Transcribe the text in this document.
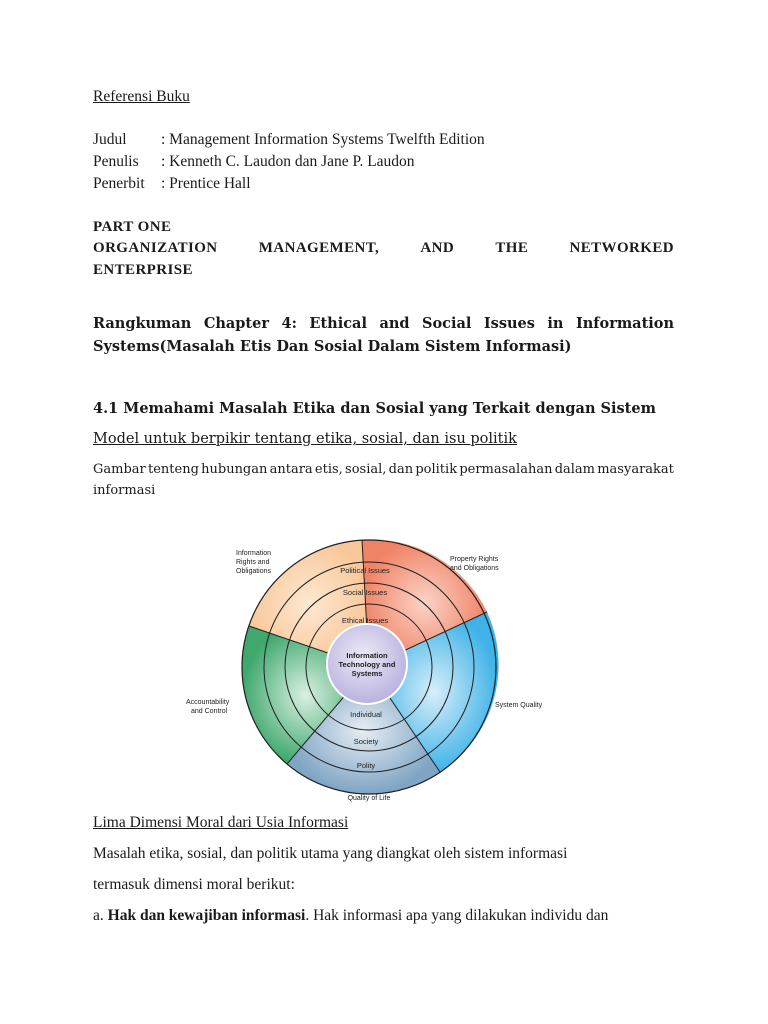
Referensi Buku
Judul : Management Information Systems Twelfth Edition
Penulis : Kenneth C. Laudon dan Jane P. Laudon
Penerbit : Prentice Hall
PART ONE
ORGANIZATION	MANAGEMENT,	AND	THE	NETWORKED
ENTERPRISE
Rangkuman Chapter 4: Ethical and Social Issues in Information
Systems(Masalah Etis Dan Sosial Dalam Sistem Informasi)
4.1 Memahami Masalah Etika dan Sosial yang Terkait dengan Sistem
Model untuk berpikir tentang etika, sosial, dan isu politik
Gambar tenteng hubungan antara etis, sosial, dan politik permasalahan dalam masyarakat
informasi
Information
Technology and
Systems
Political Issues
Social Issues
Ethical Issues
Individual
Society
Polity
Information
Rights and
Obligations
Property Rights
and Obligations
System Quality
Accountability
and Control
Quality of Life
Lima Dimensi Moral dari Usia Informasi
Masalah etika, sosial, dan politik utama yang diangkat oleh sistem informasi
termasuk dimensi moral berikut:
a. Hak dan kewajiban informasi. Hak informasi apa yang dilakukan individu dan
